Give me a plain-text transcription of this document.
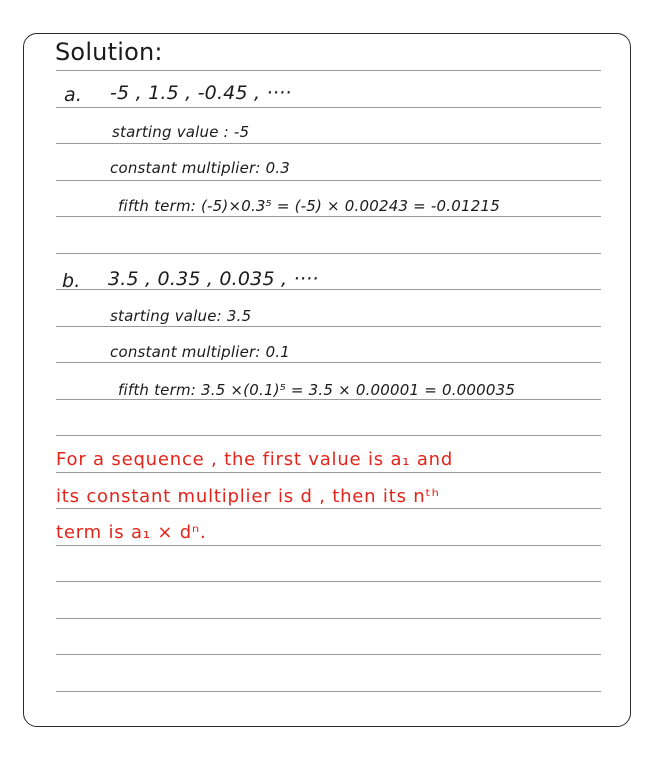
Solution:
a. -5 , 1.5 , -0.45 , ····
starting value : -5
constant multiplier: 0.3
fifth term: (-5)×0.3⁵ = (-5) × 0.00243 = -0.01215
b. 3.5 , 0.35 , 0.035 , ····
starting value: 3.5
constant multiplier: 0.1
fifth term: 3.5 ×(0.1)⁵ = 3.5 × 0.00001 = 0.000035
For a sequence , the first value is a₁ and
its constant multiplier is d , then its nᵗʰ
term is a₁ × dⁿ.
